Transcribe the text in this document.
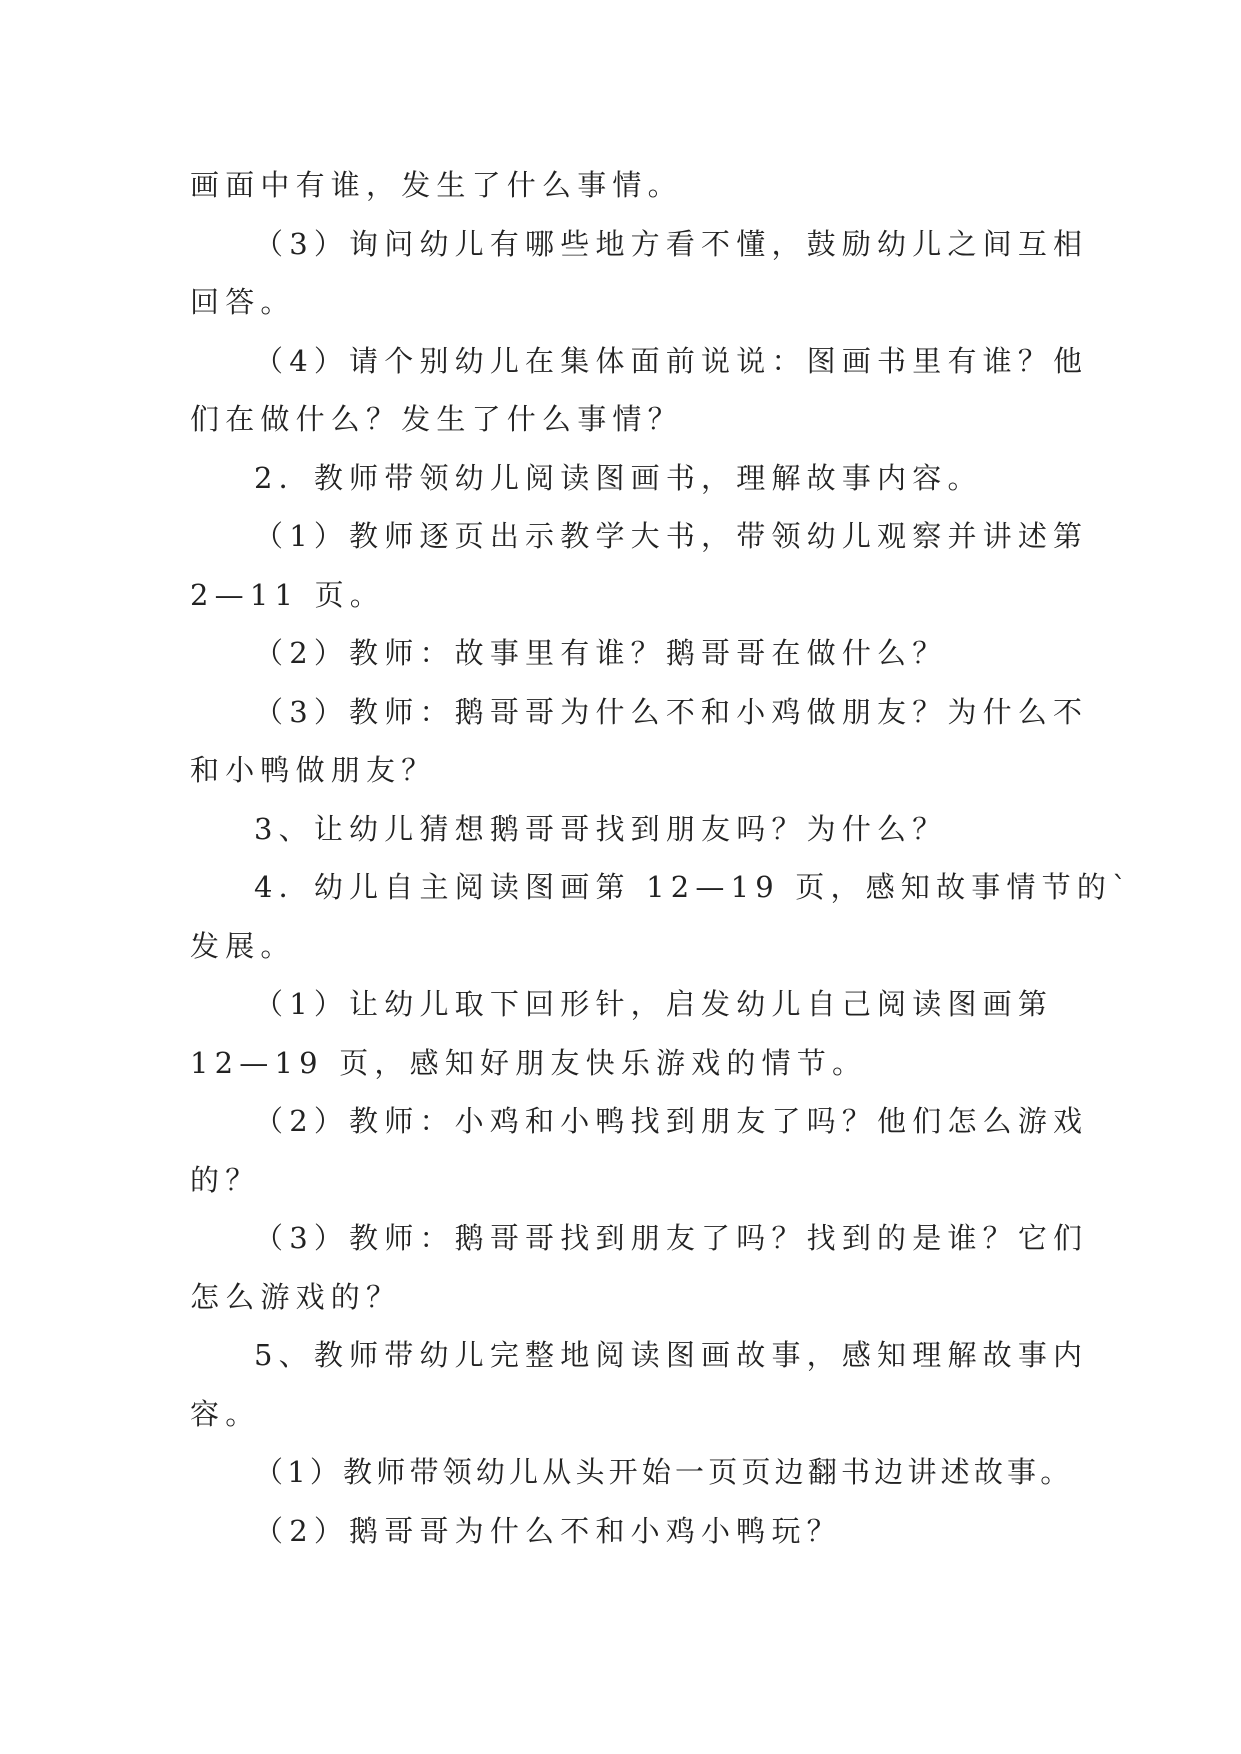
画面中有谁，发生了什么事情。
（3）询问幼儿有哪些地方看不懂，鼓励幼儿之间互相
回答。
（4）请个别幼儿在集体面前说说：图画书里有谁？他
们在做什么？发生了什么事情？
2．教师带领幼儿阅读图画书，理解故事内容。
（1）教师逐页出示教学大书，带领幼儿观察并讲述第
2—11 页。
（2）教师：故事里有谁？鹅哥哥在做什么？
（3）教师：鹅哥哥为什么不和小鸡做朋友？为什么不
和小鸭做朋友？
3、让幼儿猜想鹅哥哥找到朋友吗？为什么？
4．幼儿自主阅读图画第 12—19 页，感知故事情节的`
发展。
（1）让幼儿取下回形针，启发幼儿自己阅读图画第
12—19 页，感知好朋友快乐游戏的情节。
（2）教师：小鸡和小鸭找到朋友了吗？他们怎么游戏
的？
（3）教师：鹅哥哥找到朋友了吗？找到的是谁？它们
怎么游戏的？
5、教师带幼儿完整地阅读图画故事，感知理解故事内
容。
（1）教师带领幼儿从头开始一页页边翻书边讲述故事。
（2）鹅哥哥为什么不和小鸡小鸭玩？
